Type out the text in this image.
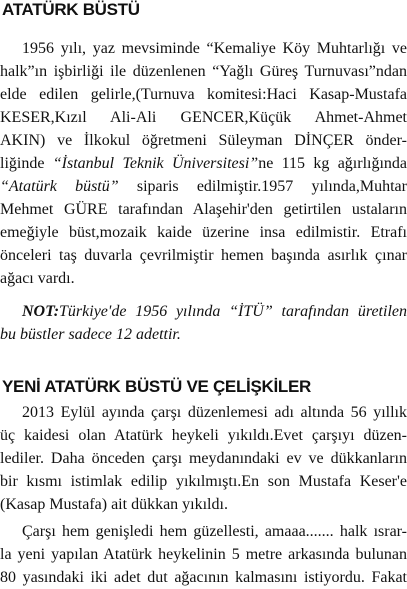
ATATÜRK BÜSTÜ
1956 yılı, yaz mevsiminde “Kemaliye Köy Muhtarlığı ve
halk”ın işbirliği ile düzenlenen “Yağlı Güreş Turnuvası”ndan
elde edilen gelirle,(Turnuva komitesi:Haci Kasap-Mustafa
KESER,Kızıl Ali-Ali GENCER,Küçük Ahmet-Ahmet
AKIN) ve İlkokul öğretmeni Süleyman DİNÇER önder-
liğinde “İstanbul Teknik Üniversitesi”ne 115 kg ağırlığında
“Atatürk büstü” siparis edilmiştir.1957 yılında,Muhtar
Mehmet GÜRE tarafından Alaşehir'den getirtilen ustaların
emeğiyle büst,mozaik kaide üzerine insa edilmistir. Etrafı
önceleri taş duvarla çevrilmiştir hemen başında asırlık çınar
ağacı vardı.
NOT:Türkiye'de 1956 yılında “İTÜ” tarafından üretilen
bu büstler sadece 12 adettir.
YENİ ATATÜRK BÜSTÜ VE ÇELİŞKİLER
2013 Eylül ayında çarşı düzenlemesi adı altında 56 yıllık
üç kaidesi olan Atatürk heykeli yıkıldı.Evet çarşıyı düzen-
lediler. Daha önceden çarşı meydanındaki ev ve dükkanların
bir kısmı istimlak edilip yıkılmıştı.En son Mustafa Keser'e
(Kasap Mustafa) ait dükkan yıkıldı.
Çarşı hem genişledi hem güzellesti, amaaa....... halk ısrar-
la yeni yapılan Atatürk heykelinin 5 metre arkasında bulunan
80 yasındaki iki adet dut ağacının kalmasını istiyordu. Fakat
